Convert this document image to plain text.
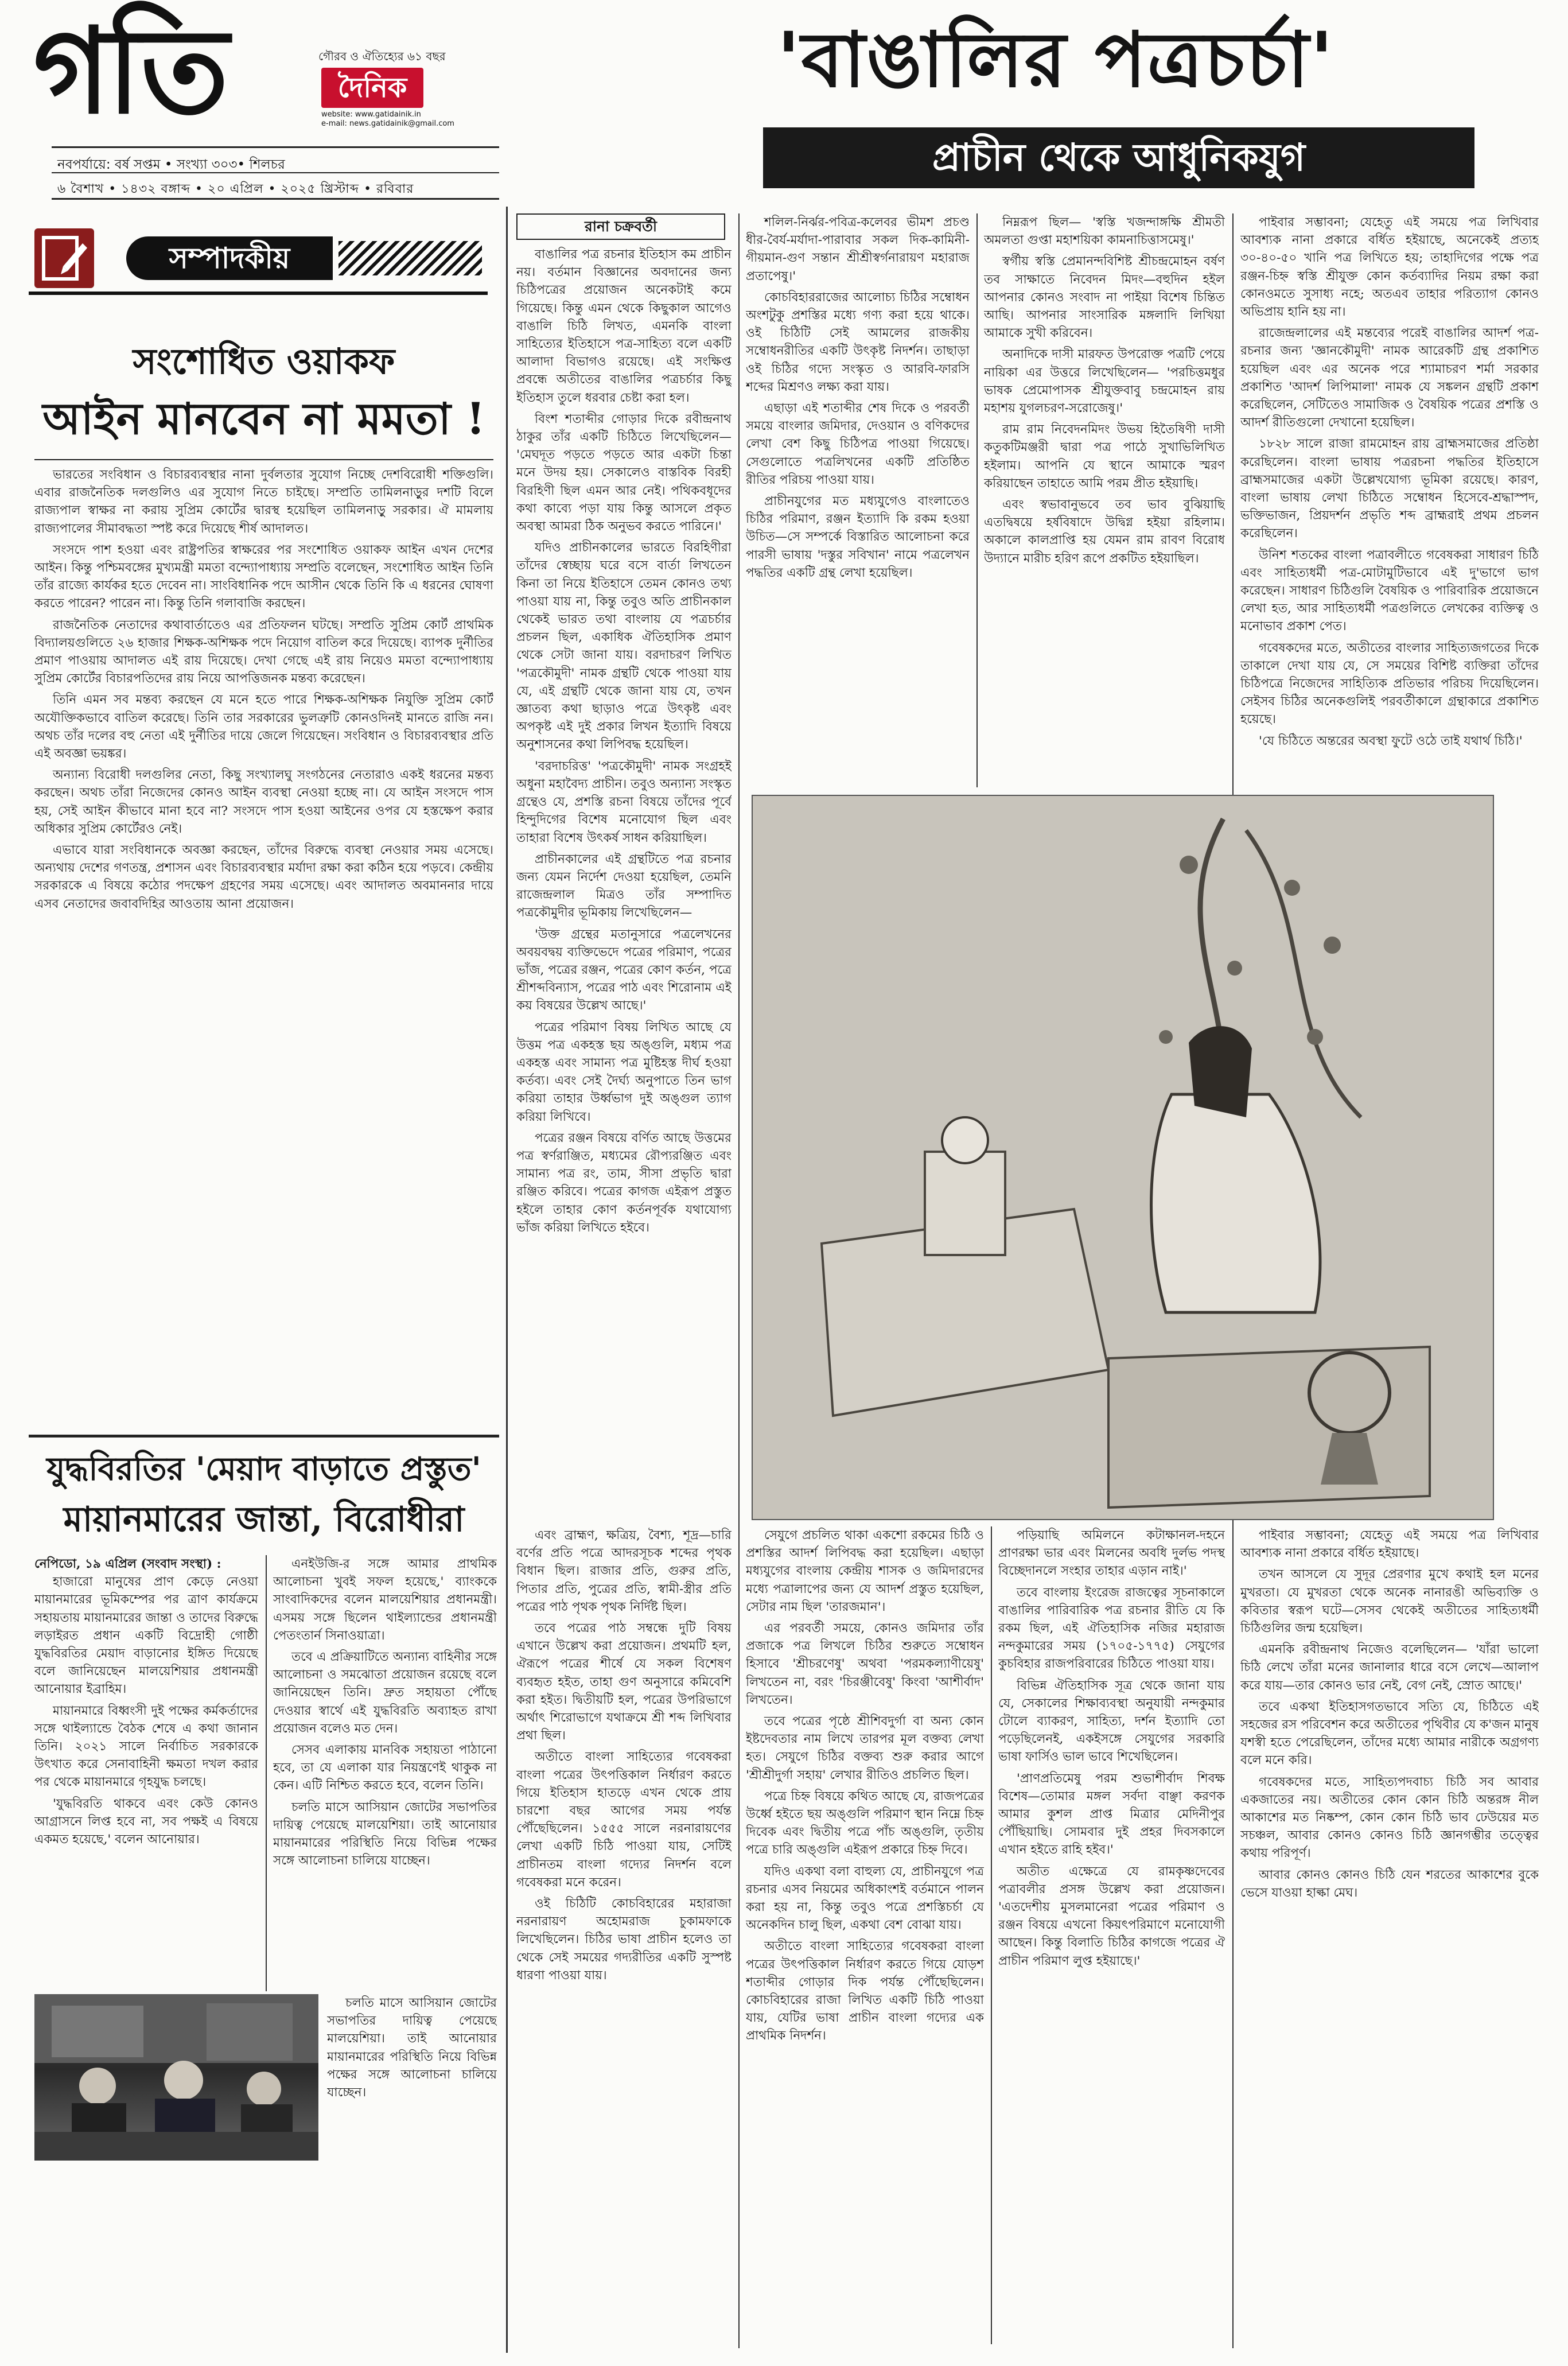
গতি	গৌরব ও ঐতিহ্যের ৬১ বছর
দৈনিক
website: www.gatidainik.in
e-mail: news.gatidainik@gmail.com
নবপর্যায়ে: বর্ষ সপ্তম • সংখ্যা ৩০৩• শিলচর
৬ বৈশাখ • ১৪৩২ বঙ্গাব্দ • ২০ এপ্রিল • ২০২৫ খ্রিস্টাব্দ • রবিবার
'বাঙালির পত্রচর্চা'
প্রাচীন থেকে আধুনিকযুগ
সম্পাদকীয়
সংশোধিত ওয়াকফ
আইন মানবেন না মমতা !

ভারতের সংবিধান ও বিচারব্যবস্থার নানা দুর্বলতার সুযোগ নিচ্ছে দেশবিরোধী শক্তিগুলি। এবার রাজনৈতিক দলগুলিও এর সুযোগ নিতে চাইছে। সম্প্রতি তামিলনাড়ুর দশটি বিলে রাজ্যপাল স্বাক্ষর না করায় সুপ্রিম কোর্টের দ্বারস্থ হয়েছিল তামিলনাড়ু সরকার। ঐ মামলায় রাজ্যপালের সীমাবদ্ধতা স্পষ্ট করে দিয়েছে শীর্ষ আদালত।

সংসদে পাশ হওয়া এবং রাষ্ট্রপতির স্বাক্ষরের পর সংশোধিত ওয়াকফ আইন এখন দেশের আইন। কিন্তু পশ্চিমবঙ্গের মুখ্যমন্ত্রী মমতা বন্দ্যোপাধ্যায় সম্প্রতি বলেছেন, সংশোধিত আইন তিনি তাঁর রাজ্যে কার্যকর হতে দেবেন না। সাংবিধানিক পদে আসীন থেকে তিনি কি এ ধরনের ঘোষণা করতে পারেন? পারেন না। কিন্তু তিনি গলাবাজি করছেন।

রাজনৈতিক নেতাদের কথাবার্তাতেও এর প্রতিফলন ঘটছে। সম্প্রতি সুপ্রিম কোর্ট প্রাথমিক বিদ্যালয়গুলিতে ২৬ হাজার শিক্ষক-অশিক্ষক পদে নিয়োগ বাতিল করে দিয়েছে। ব্যাপক দুর্নীতির প্রমাণ পাওয়ায় আদালত এই রায় দিয়েছে। দেখা গেছে এই রায় নিয়েও মমতা বন্দ্যোপাধ্যায় সুপ্রিম কোর্টের বিচারপতিদের রায় নিয়ে আপত্তিজনক মন্তব্য করেছেন।

তিনি এমন সব মন্তব্য করছেন যে মনে হতে পারে শিক্ষক-অশিক্ষক নিযুক্তি সুপ্রিম কোর্ট অযৌক্তিকভাবে বাতিল করেছে। তিনি তার সরকারের ভুলত্রুটি কোনওদিনই মানতে রাজি নন। অথচ তাঁর দলের বহু নেতা এই দুর্নীতির দায়ে জেলে গিয়েছেন। সংবিধান ও বিচারব্যবস্থার প্রতি এই অবজ্ঞা ভয়ঙ্কর।

অন্যান্য বিরোধী দলগুলির নেতা, কিছু সংখ্যালঘু সংগঠনের নেতারাও একই ধরনের মন্তব্য করছেন। অথচ তাঁরা নিজেদের কোনও আইন ব্যবস্থা নেওয়া হচ্ছে না। যে আইন সংসদে পাস হয়, সেই আইন কীভাবে মানা হবে না? সংসদে পাস হওয়া আইনের ওপর যে হস্তক্ষেপ করার অধিকার সুপ্রিম কোর্টেরও নেই।

এভাবে যারা সংবিধানকে অবজ্ঞা করছেন, তাঁদের বিরুদ্ধে ব্যবস্থা নেওয়ার সময় এসেছে। অন্যথায় দেশের গণতন্ত্র, প্রশাসন এবং বিচারব্যবস্থার মর্যাদা রক্ষা করা কঠিন হয়ে পড়বে। কেন্দ্রীয় সরকারকে এ বিষয়ে কঠোর পদক্ষেপ গ্রহণের সময় এসেছে। এবং আদালত অবমাননার দায়ে এসব নেতাদের জবাবদিহির আওতায় আনা প্রয়োজন।

যুদ্ধবিরতির 'মেয়াদ বাড়াতে প্রস্তুত'
মায়ানমারের জান্তা, বিরোধীরা
নেপিডো, ১৯ এপ্রিল (সংবাদ সংস্থা) :

হাজারো মানুষের প্রাণ কেড়ে নেওয়া মায়ানমারের ভূমিকম্পের পর ত্রাণ কার্যক্রমে সহায়তায় মায়ানমারের জান্তা ও তাদের বিরুদ্ধে লড়াইরত প্রধান একটি বিদ্রোহী গোষ্ঠী যুদ্ধবিরতির মেয়াদ বাড়ানোর ইঙ্গিত দিয়েছে বলে জানিয়েছেন মালয়েশিয়ার প্রধানমন্ত্রী আনোয়ার ইব্রাহিম।

মায়ানমারে বিধ্বংসী দুই পক্ষের কর্মকর্তাদের সঙ্গে থাইল্যান্ডে বৈঠক শেষে এ কথা জানান তিনি। ২০২১ সালে নির্বাচিত সরকারকে উৎখাত করে সেনাবাহিনী ক্ষমতা দখল করার পর থেকে মায়ানমারে গৃহযুদ্ধ চলছে।

'যুদ্ধবিরতি থাকবে এবং কেউ কোনও আগ্রাসনে লিপ্ত হবে না, সব পক্ষই এ বিষয়ে একমত হয়েছে,' বলেন আনোয়ার।

এনইউজি-র সঙ্গে আমার প্রাথমিক আলোচনা খুবই সফল হয়েছে,' ব্যাংককে সাংবাদিকদের বলেন মালয়েশিয়ার প্রধানমন্ত্রী। এসময় সঙ্গে ছিলেন থাইল্যান্ডের প্রধানমন্ত্রী পেতংতার্ন সিনাওয়াত্রা।

তবে এ প্রক্রিয়াটিতে অন্যান্য বাহিনীর সঙ্গে আলোচনা ও সমঝোতা প্রয়োজন রয়েছে বলে জানিয়েছেন তিনি। দ্রুত সহায়তা পৌঁছে দেওয়ার স্বার্থে এই যুদ্ধবিরতি অব্যাহত রাখা প্রয়োজন বলেও মত দেন।

সেসব এলাকায় মানবিক সহায়তা পাঠানো হবে, তা যে এলাকা যার নিয়ন্ত্রণেই থাকুক না কেন। এটি নিশ্চিত করতে হবে, বলেন তিনি।

চলতি মাসে আসিয়ান জোটের সভাপতির দায়িত্ব পেয়েছে মালয়েশিয়া। তাই আনোয়ার মায়ানমারের পরিস্থিতি নিয়ে বিভিন্ন পক্ষের সঙ্গে আলোচনা চালিয়ে যাচ্ছেন।

চলতি মাসে আসিয়ান জোটের সভাপতির দায়িত্ব পেয়েছে মালয়েশিয়া। তাই আনোয়ার মায়ানমারের পরিস্থিতি নিয়ে বিভিন্ন পক্ষের সঙ্গে আলোচনা চালিয়ে যাচ্ছেন।

রানা চক্রবর্তী

বাঙালির পত্র রচনার ইতিহাস কম প্রাচীন নয়। বর্তমান বিজ্ঞানের অবদানের জন্য চিঠিপত্রের প্রয়োজন অনেকটাই কমে গিয়েছে। কিন্তু এমন থেকে কিছুকাল আগেও বাঙালি চিঠি লিখত, এমনকি বাংলা সাহিত্যের ইতিহাসে পত্র-সাহিত্য বলে একটি আলাদা বিভাগও রয়েছে। এই সংক্ষিপ্ত প্রবন্ধে অতীতের বাঙালির পত্রচর্চার কিছু ইতিহাস তুলে ধরবার চেষ্টা করা হল।

বিংশ শতাব্দীর গোড়ার দিকে রবীন্দ্রনাথ ঠাকুর তাঁর একটি চিঠিতে লিখেছিলেন— 'মেঘদূত পড়তে পড়তে আর একটা চিন্তা মনে উদয় হয়। সেকালেও বাস্তবিক বিরহী বিরহিণী ছিল এমন আর নেই। পথিকবধূদের কথা কাব্যে পড়া যায় কিন্তু আসলে প্রকৃত অবস্থা আমরা ঠিক অনুভব করতে পারিনে।'

যদিও প্রাচীনকালের ভারতে বিরহিণীরা তাঁদের স্বেচ্ছায় ঘরে বসে বার্তা লিখতেন কিনা তা নিয়ে ইতিহাসে তেমন কোনও তথ্য পাওয়া যায় না, কিন্তু তবুও অতি প্রাচীনকাল থেকেই ভারত তথা বাংলায় যে পত্রচর্চার প্রচলন ছিল, একাধিক ঐতিহাসিক প্রমাণ থেকে সেটা জানা যায়। বরদাচরণ লিখিত 'পত্রকৌমুদী' নামক গ্রন্থটি থেকে পাওয়া যায় যে, এই গ্রন্থটি থেকে জানা যায় যে, তখন জ্ঞাতব্য কথা ছাড়াও পত্রে উৎকৃষ্ট এবং অপকৃষ্ট এই দুই প্রকার লিখন ইত্যাদি বিষয়ে অনুশাসনের কথা লিপিবদ্ধ হয়েছিল।

'বরদাচরিত্ত' 'পত্রকৌমুদী' নামক সংগ্রহই অধুনা মহাবৈদ্য প্রাচীন। তবুও অন্যান্য সংস্কৃত গ্রন্থেও যে, প্রশস্তি রচনা বিষয়ে তাঁদের পূর্বে হিন্দুদিগের বিশেষ মনোযোগ ছিল এবং তাহারা বিশেষ উৎকর্ষ সাধন করিয়াছিল।

প্রাচীনকালের এই গ্রন্থটিতে পত্র রচনার জন্য যেমন নির্দেশ দেওয়া হয়েছিল, তেমনি রাজেন্দ্রলাল মিত্রও তাঁর সম্পাদিত পত্রকৌমুদীর ভূমিকায় লিখেছিলেন—

'উক্ত গ্রন্থের মতানুসারে পত্রলেখনের অবয়বদ্বয় ব্যক্তিভেদে পত্রের পরিমাণ, পত্রের ভাঁজ, পত্রের রঞ্জন, পত্রের কোণ কর্তন, পত্রে শ্রীশব্দবিন্যাস, পত্রের পাঠ এবং শিরোনাম এই কয় বিষয়ের উল্লেখ আছে।'

পত্রের পরিমাণ বিষয় লিখিত আছে যে উত্তম পত্র একহস্ত ছয় অঙ্গুলি, মধ্যম পত্র একহস্ত এবং সামান্য পত্র মুষ্টিহস্ত দীর্ঘ হওয়া কর্তব্য। এবং সেই দৈর্ঘ্য অনুপাতে তিন ভাগ করিয়া তাহার উর্ধ্বভাগ দুই অঙ্গুল ত্যাগ করিয়া লিখিবে।

পত্রের রঞ্জন বিষয়ে বর্ণিত আছে উত্তমের পত্র স্বর্ণরাঞ্জিত, মধ্যমের রৌপ্যরঞ্জিত এবং সামান্য পত্র রং, তাম, সীসা প্রভৃতি দ্বারা রঞ্জিত করিবে। পত্রের কাগজ এইরূপ প্রস্তুত হইলে তাহার কোণ কর্তনপূর্বক যথাযোগ্য ভাঁজ করিয়া লিখিতে হইবে।

শলিল-নির্ঝর-পবিত্র-কলেবর ভীমশ প্রচণ্ড ধীর-বৈর্য-মর্যাদা-পারাবার সকল দিক-কামিনী-গীয়মান-গুণ সন্তান শ্রীশ্রীস্বর্গনারায়ণ মহারাজ প্রতাপেষু।'

কোচবিহাররাজের আলোচ্য চিঠির সম্বোধন অংশটুকু প্রশস্তির মধ্যে গণ্য করা হয়ে থাকে। ওই চিঠিটি সেই আমলের রাজকীয় সম্বোধনরীতির একটি উৎকৃষ্ট নিদর্শন। তাছাড়া ওই চিঠির গদ্যে সংস্কৃত ও আরবি-ফারসি শব্দের মিশ্রণও লক্ষ্য করা যায়।

এছাড়া এই শতাব্দীর শেষ দিকে ও পরবর্তী সময়ে বাংলার জমিদার, দেওয়ান ও বণিকদের লেখা বেশ কিছু চিঠিপত্র পাওয়া গিয়েছে। সেগুলোতে পত্রলিখনের একটি প্রতিষ্ঠিত রীতির পরিচয় পাওয়া যায়।

প্রাচীনযুগের মত মধ্যযুগেও বাংলাতেও চিঠির পরিমাণ, রঞ্জন ইত্যাদি কি রকম হওয়া উচিত—সে সম্পর্কে বিস্তারিত আলোচনা করে পারসী ভাষায় 'দস্তুর সবিখান' নামে পত্রলেখন পদ্ধতির একটি গ্রন্থ লেখা হয়েছিল।

নিম্নরূপ ছিল— 'স্বস্তি খজন্দাঙ্গক্ষি শ্রীমতী অমলতা গুপ্তা মহাশয়িকা কামনাচিত্তাসমেষু।'

স্বর্গীয় স্বস্তি প্রেমানন্দবিশিষ্ট শ্রীচন্দ্রমোহন বর্ষণ তব সাক্ষাতে নিবেদন মিদং—বহুদিন হইল আপনার কোনও সংবাদ না পাইয়া বিশেষ চিন্তিত আছি। আপনার সাংসারিক মঙ্গলাদি লিখিয়া আমাকে সুখী করিবেন।

অনাদিকে দাসী মারফত উপরোক্ত পত্রটি পেয়ে নায়িকা এর উত্তরে লিখেছিলেন— 'পরচিত্তমধুর ভাষক প্রেমোপাসক শ্রীযুক্তবাবু চন্দ্রমোহন রায় মহাশয় যুগলচরণ-সরোজেষু।'

রাম রাম নিবেদনমিদং উভয় হিতৈষিণী দাসী কতুকটিমঞ্জরী দ্বারা পত্র পাঠে সুখাভিলিখিত হইলাম। আপনি যে স্থানে আমাকে স্মরণ করিয়াছেন তাহাতে আমি পরম প্রীত হইয়াছি।

এবং স্বভাবানুভবে তব ভাব বুঝিয়াছি এতদ্বিষয়ে হর্ষবিষাদে উদ্বিগ্ন হইয়া রহিলাম। অকালে কালপ্রাপ্তি হয় যেমন রাম রাবণ বিরোধ উদ্যানে মারীচ হরিণ রূপে প্রকটিত হইয়াছিল।

পাইবার সম্ভাবনা; যেহেতু এই সময়ে পত্র লিখিবার আবশ্যক নানা প্রকারে বর্ধিত হইয়াছে, অনেকেই প্রত্যহ ৩০-৪০-৫০ খানি পত্র লিখিতে হয়; তাহাদিগের পক্ষে পত্র রঞ্জন-চিহ্ন স্বস্তি শ্রীযুক্ত কোন কর্তব্যাদির নিয়ম রক্ষা করা কোনওমতে সুসাধ্য নহে; অতএব তাহার পরিত্যাগ কোনও অভিপ্রায় হানি হয় না।

রাজেন্দ্রলালের এই মন্তব্যের পরেই বাঙালির আদর্শ পত্র-রচনার জন্য 'জ্ঞানকৌমুদী' নামক আরেকটি গ্রন্থ প্রকাশিত হয়েছিল এবং এর অনেক পরে শ্যামাচরণ শর্মা সরকার প্রকাশিত 'আদর্শ লিপিমালা' নামক যে সঙ্কলন গ্রন্থটি প্রকাশ করেছিলেন, সেটিতেও সামাজিক ও বৈষয়িক পত্রের প্রশস্তি ও আদর্শ রীতিগুলো দেখানো হয়েছিল।

১৮২৮ সালে রাজা রামমোহন রায় ব্রাহ্মসমাজের প্রতিষ্ঠা করেছিলেন। বাংলা ভাষায় পত্ররচনা পদ্ধতির ইতিহাসে ব্রাহ্মসমাজের একটা উল্লেখযোগ্য ভূমিকা রয়েছে। কারণ, বাংলা ভাষায় লেখা চিঠিতে সম্বোধন হিসেবে-শ্রদ্ধাস্পদ, ভক্তিভাজন, প্রিয়দর্শন প্রভৃতি শব্দ ব্রাহ্মরাই প্রথম প্রচলন করেছিলেন।

উনিশ শতকের বাংলা পত্রাবলীতে গবেষকরা সাধারণ চিঠি এবং সাহিত্যধর্মী পত্র-মোটামুটিভাবে এই দু'ভাগে ভাগ করেছেন। সাধারণ চিঠিগুলি বৈষয়িক ও পারিবারিক প্রয়োজনে লেখা হত, আর সাহিত্যধর্মী পত্রগুলিতে লেখকের ব্যক্তিত্ব ও মনোভাব প্রকাশ পেত।

গবেষকদের মতে, অতীতের বাংলার সাহিত্যজগতের দিকে তাকালে দেখা যায় যে, সে সময়ের বিশিষ্ট ব্যক্তিরা তাঁদের চিঠিপত্রে নিজেদের সাহিত্যিক প্রতিভার পরিচয় দিয়েছিলেন। সেইসব চিঠির অনেকগুলিই পরবর্তীকালে গ্রন্থাকারে প্রকাশিত হয়েছে।

'যে চিঠিতে অন্তরের অবস্থা ফুটে ওঠে তাই যথার্থ চিঠি।'

সেযুগে প্রচলিত থাকা একশো রকমের চিঠি ও প্রশস্তির আদর্শ লিপিবদ্ধ করা হয়েছিল। এছাড়া মধ্যযুগের বাংলায় কেন্দ্রীয় শাসক ও জমিদারদের মধ্যে পত্রালাপের জন্য যে আদর্শ প্রস্তুত হয়েছিল, সেটার নাম ছিল 'তারজমান'।

এর পরবর্তী সময়ে, কোনও জমিদার তাঁর প্রজাকে পত্র লিখলে চিঠির শুরুতে সম্বোধন হিসাবে 'শ্রীচরণেষু' অথবা 'পরমকল্যাণীয়েষু' লিখতেন না, বরং 'চিরঞ্জীবেষু' কিংবা 'আশীর্বাদ' লিখতেন।

তবে পত্রের পৃষ্ঠে শ্রীশিবদুর্গা বা অন্য কোন ইষ্টদেবতার নাম লিখে তারপর মূল বক্তব্য লেখা হত। সেযুগে চিঠির বক্তব্য শুরু করার আগে 'শ্রীশ্রীদুর্গা সহায়' লেখার রীতিও প্রচলিত ছিল।

পত্রে চিহ্ন বিষয়ে কথিত আছে যে, রাজপত্রের উর্ধ্বে হইতে ছয় অঙ্গুলি পরিমাণ স্থান নিম্নে চিহ্ন দিবেক এবং দ্বিতীয় পত্রে পাঁচ অঙ্গুলি, তৃতীয় পত্রে চারি অঙ্গুলি এইরূপ প্রকারে চিহ্ন দিবে।

যদিও একথা বলা বাহুল্য যে, প্রাচীনযুগে পত্র রচনার এসব নিয়মের অধিকাংশই বর্তমানে পালন করা হয় না, কিন্তু তবুও পত্রে প্রশস্তিচর্চা যে অনেকদিন চালু ছিল, একথা বেশ বোঝা যায়।

অতীতে বাংলা সাহিত্যের গবেষকরা বাংলা পত্রের উৎপত্তিকাল নির্ধারণ করতে গিয়ে যোড়শ শতাব্দীর গোড়ার দিক পর্যন্ত পৌঁছেছিলেন। কোচবিহারের রাজা লিখিত একটি চিঠি পাওয়া যায়, যেটির ভাষা প্রাচীন বাংলা গদ্যের এক প্রাথমিক নিদর্শন।

পড়িয়াছি অমিলনে কটাক্ষানল-দহনে প্রাণরক্ষা ভার এবং মিলনের অবধি দুর্লভ পদস্থ বিচ্ছেদানলে সংহার তাহার এড়ান নাই।'

তবে বাংলায় ইংরেজ রাজত্বের সূচনাকালে বাঙালির পারিবারিক পত্র রচনার রীতি যে কি রকম ছিল, এই ঐতিহাসিক নজির মহারাজ নন্দকুমারের সময় (১৭০৫-১৭৭৫) সেযুগের কুচবিহার রাজপরিবারের চিঠিতে পাওয়া যায়।

বিভিন্ন ঐতিহাসিক সূত্র থেকে জানা যায় যে, সেকালের শিক্ষাব্যবস্থা অনুযায়ী নন্দকুমার টোলে ব্যাকরণ, সাহিত্য, দর্শন ইত্যাদি তো পড়েছিলেনই, একইসঙ্গে সেযুগের সরকারি ভাষা ফার্সিও ভাল ভাবে শিখেছিলেন।

'প্রাণপ্রতিমেষু পরম শুভাশীর্বাদ শিবক্ষ বিশেষ—তোমার মঙ্গল সর্বদা বাঞ্ছা করণক আমার কুশল প্রাপ্ত মিত্রার মেদিনীপুর পৌঁছিয়াছি। সোমবার দুই প্রহর দিবসকালে এখান হইতে রাহি হইব।'

অতীত এক্ষেত্রে যে রামকৃষ্ণদেবের পত্রাবলীর প্রসঙ্গ উল্লেখ করা প্রয়োজন। 'এতদেশীয় মুসলমানেরা পত্রের পরিমাণ ও রঞ্জন বিষয়ে এখনো কিয়ৎপরিমাণে মনোযোগী আছেন। কিন্তু বিলাতি চিঠির কাগজে পত্রের ঐ প্রাচীন পরিমাণ লুপ্ত হইয়াছে।'

এবং ব্রাহ্মণ, ক্ষত্রিয়, বৈশ্য, শূদ্র—চারি বর্ণের প্রতি পত্রে আদরসূচক শব্দের পৃথক বিধান ছিল। রাজার প্রতি, গুরুর প্রতি, পিতার প্রতি, পুত্রের প্রতি, স্বামী-স্ত্রীর প্রতি পত্রের পাঠ পৃথক পৃথক নির্দিষ্ট ছিল।

তবে পত্রের পাঠ সম্বন্ধে দুটি বিষয় এখানে উল্লেখ করা প্রয়োজন। প্রথমটি হল, ঐরূপে পত্রের শীর্ষে যে সকল বিশেষণ ব্যবহৃত হইত, তাহা গুণ অনুসারে কমিবেশি করা হইত। দ্বিতীয়টি হল, পত্রের উপরিভাগে অর্থাৎ শিরোভাগে যথাক্রমে শ্রী শব্দ লিখিবার প্রথা ছিল।

অতীতে বাংলা সাহিত্যের গবেষকরা বাংলা পত্রের উৎপত্তিকাল নির্ধারণ করতে গিয়ে ইতিহাস হাতড়ে এখন থেকে প্রায় চারশো বছর আগের সময় পর্যন্ত পৌঁছেছিলেন। ১৫৫৫ সালে নরনারায়ণের লেখা একটি চিঠি পাওয়া যায়, সেটিই প্রাচীনতম বাংলা গদ্যের নিদর্শন বলে গবেষকরা মনে করেন।

ওই চিঠিটি কোচবিহারের মহারাজা নরনারায়ণ অহোমরাজ চুকামফাকে লিখেছিলেন। চিঠির ভাষা প্রাচীন হলেও তা থেকে সেই সময়ের গদ্যরীতির একটি সুস্পষ্ট ধারণা পাওয়া যায়।

পাইবার সম্ভাবনা; যেহেতু এই সময়ে পত্র লিখিবার আবশ্যক নানা প্রকারে বর্ধিত হইয়াছে।

তখন আসলে যে সুদূর প্রেরণার মুখে কথাই হল মনের মুখরতা। যে মুখরতা থেকে অনেক নানারঙী অভিব্যক্তি ও কবিতার স্বরূপ ঘটে—সেসব থেকেই অতীতের সাহিত্যধর্মী চিঠিগুলির জন্ম হয়েছিল।

এমনকি রবীন্দ্রনাথ নিজেও বলেছিলেন— 'যাঁরা ভালো চিঠি লেখে তাঁরা মনের জানালার ধারে বসে লেখে—আলাপ করে যায়—তার কোনও ভার নেই, বেগ নেই, স্রোত আছে।'

তবে একথা ইতিহাসগতভাবে সত্যি যে, চিঠিতে এই সহজের রস পরিবেশন করে অতীতের পৃথিবীর যে ক'জন মানুষ যশস্বী হতে পেরেছিলেন, তাঁদের মধ্যে আমার নারীকে অগ্রগণ্য বলে মনে করি।

গবেষকদের মতে, সাহিত্যপদবাচ্য চিঠি সব আবার একজাতের নয়। অতীতের কোন কোন চিঠি অন্তরঙ্গ নীল আকাশের মত নিষ্কম্প, কোন কোন চিঠি ভাব ঢেউয়ের মত সচঞ্চল, আবার কোনও কোনও চিঠি জ্ঞানগম্ভীর তত্ত্বের কথায় পরিপূর্ণ।

আবার কোনও কোনও চিঠি যেন শরতের আকাশের বুকে ভেসে যাওয়া হাল্কা মেঘ।
